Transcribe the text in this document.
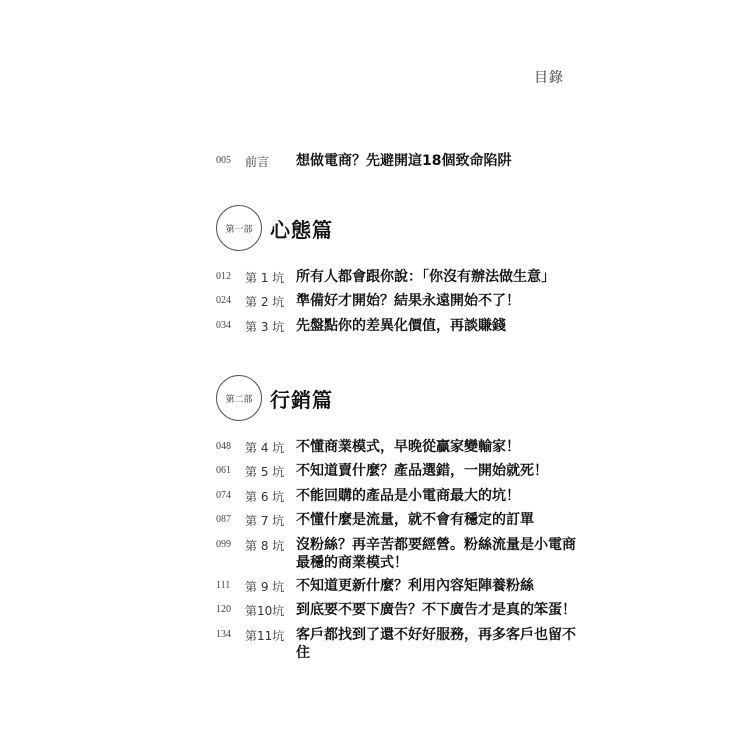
目錄
005	前言	想做電商？先避開這18個致命陷阱
第一部 心態篇
012	第 1 坑 所有人都會跟你說：「你沒有辦法做生意」
024	第 2 坑 準備好才開始？結果永遠開始不了！
034	第 3 坑 先盤點你的差異化價值，再談賺錢
第二部 行銷篇
048	第 4 坑 不懂商業模式，早晚從贏家變輸家！
061	第 5 坑 不知道賣什麼？產品選錯，一開始就死！
074	第 6 坑 不能回購的產品是小電商最大的坑！
087	第 7 坑 不懂什麼是流量，就不會有穩定的訂單
099	第 8 坑 沒粉絲？再辛苦都要經營。粉絲流量是小電商最穩的商業模式！
111	第 9 坑 不知道更新什麼？利用內容矩陣養粉絲
120	第10坑 到底要不要下廣告？不下廣告才是真的笨蛋！
134	第11坑 客戶都找到了還不好好服務，再多客戶也留不住
